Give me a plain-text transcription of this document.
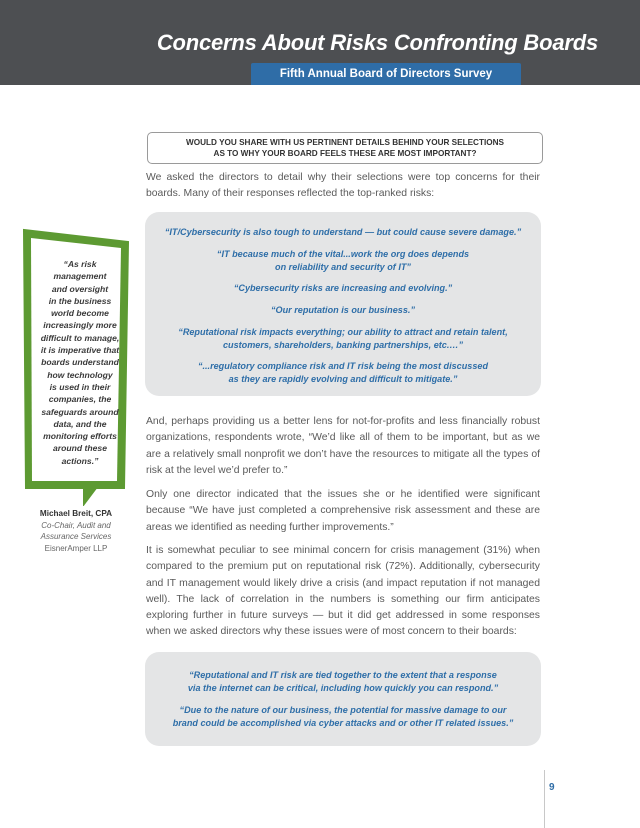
Concerns About Risks Confronting Boards
Fifth Annual Board of Directors Survey
WOULD YOU SHARE WITH US PERTINENT DETAILS BEHIND YOUR SELECTIONS
AS TO WHY YOUR BOARD FEELS THESE ARE MOST IMPORTANT?

We asked the directors to detail why their selections were top concerns for their boards. Many of their responses reflected the top-ranked risks:

“IT/Cybersecurity is also tough to understand — but could cause severe damage.”

“IT because much of the vital...work the org does depends
on reliability and security of IT”

“Cybersecurity risks are increasing and evolving.”

“Our reputation is our business.”

“Reputational risk impacts everything; our ability to attract and retain talent,
customers, shareholders, banking partnerships, etc.…”

“...regulatory compliance risk and IT risk being the most discussed
as they are rapidly evolving and difficult to mitigate.”

And, perhaps providing us a better lens for not-for-profits and less financially robust organizations, respondents wrote, “We’d like all of them to be important, but as we are a relatively small nonprofit we don’t have the resources to mitigate all the types of risk at the level we’d prefer to.”

Only one director indicated that the issues she or he identified were significant because “We have just completed a comprehensive risk assessment and these are areas we identified as needing further improvements.”

It is somewhat peculiar to see minimal concern for crisis management (31%) when compared to the premium put on reputational risk (72%). Additionally, cybersecurity and IT management would likely drive a crisis (and impact reputation if not managed well). The lack of correlation in the numbers is something our firm anticipates exploring further in future surveys — but it did get addressed in some responses when we asked directors why these issues were of most concern to their boards:

“Reputational and IT risk are tied together to the extent that a response
via the internet can be critical, including how quickly you can respond.”

“Due to the nature of our business, the potential for massive damage to our
brand could be accomplished via cyber attacks and or other IT related issues.”

“As risk
management
and oversight
in the business
world become
increasingly more
difficult to manage,
it is imperative that
boards understand
how technology
is used in their
companies, the
safeguards around
data, and the
monitoring efforts
around these
actions.”
Michael Breit, CPA
Co-Chair, Audit and
Assurance Services
EisnerAmper LLP
9
